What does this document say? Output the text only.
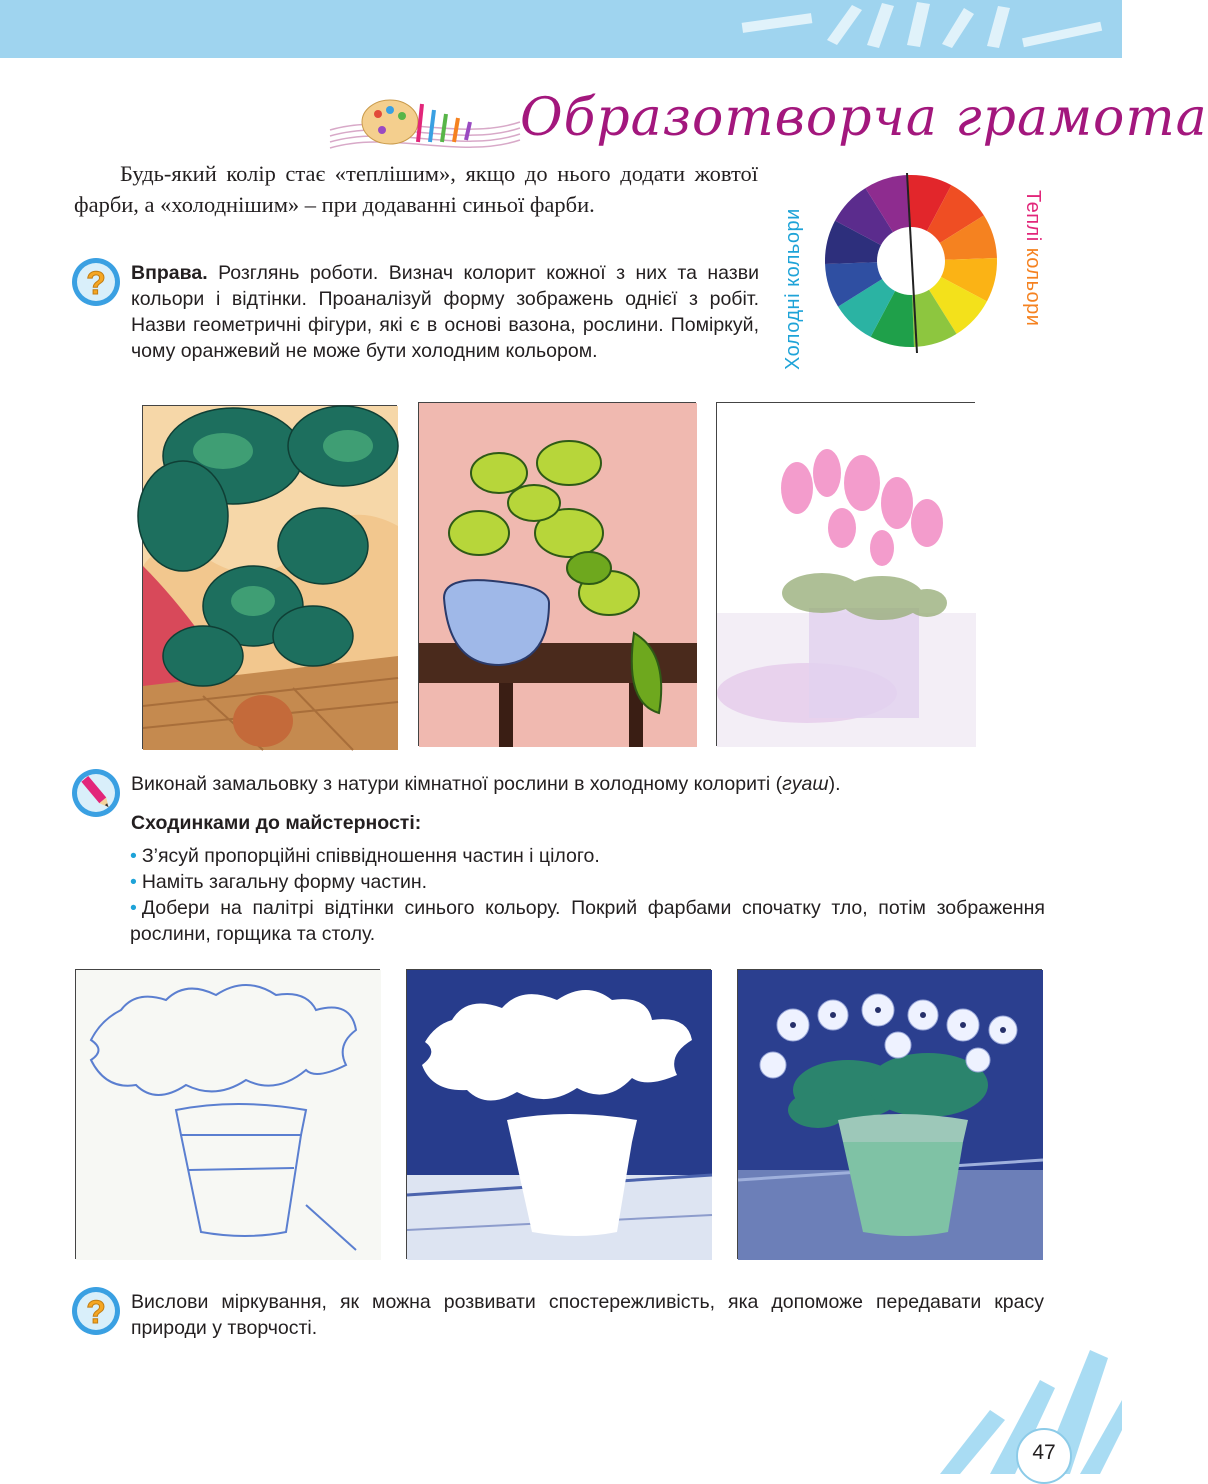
Образотворча грамота

Будь-який колір стає «теплішим», якщо до нього додати жовтої фарби, а «холоднішим» – при додаванні синьої фарби.

? Вправа. Розглянь роботи. Визнач колорит кожної з них та назви кольори і відтінки. Проаналізуй форму зображень однієї з робіт. Назви геометричні фігури, які є в основі вазона, рослини. Поміркуй, чому оранжевий не може бути холодним кольором.	Холодні кольори	Теплі кольори
Виконай замальовку з натури кімнатної рослини в холодному колориті (гуаш).
Сходинками до майстерності:
• З’ясуй пропорційні співвідношення частин і цілого.
• Наміть загальну форму частин.
• Добери на палітрі відтінки синього кольору. Покрий фарбами спочатку тло, потім зображення рослини, горщика та столу.
? Вислови міркування, як можна розвивати спостережливість, яка допоможе передавати красу природи у творчості.
47
